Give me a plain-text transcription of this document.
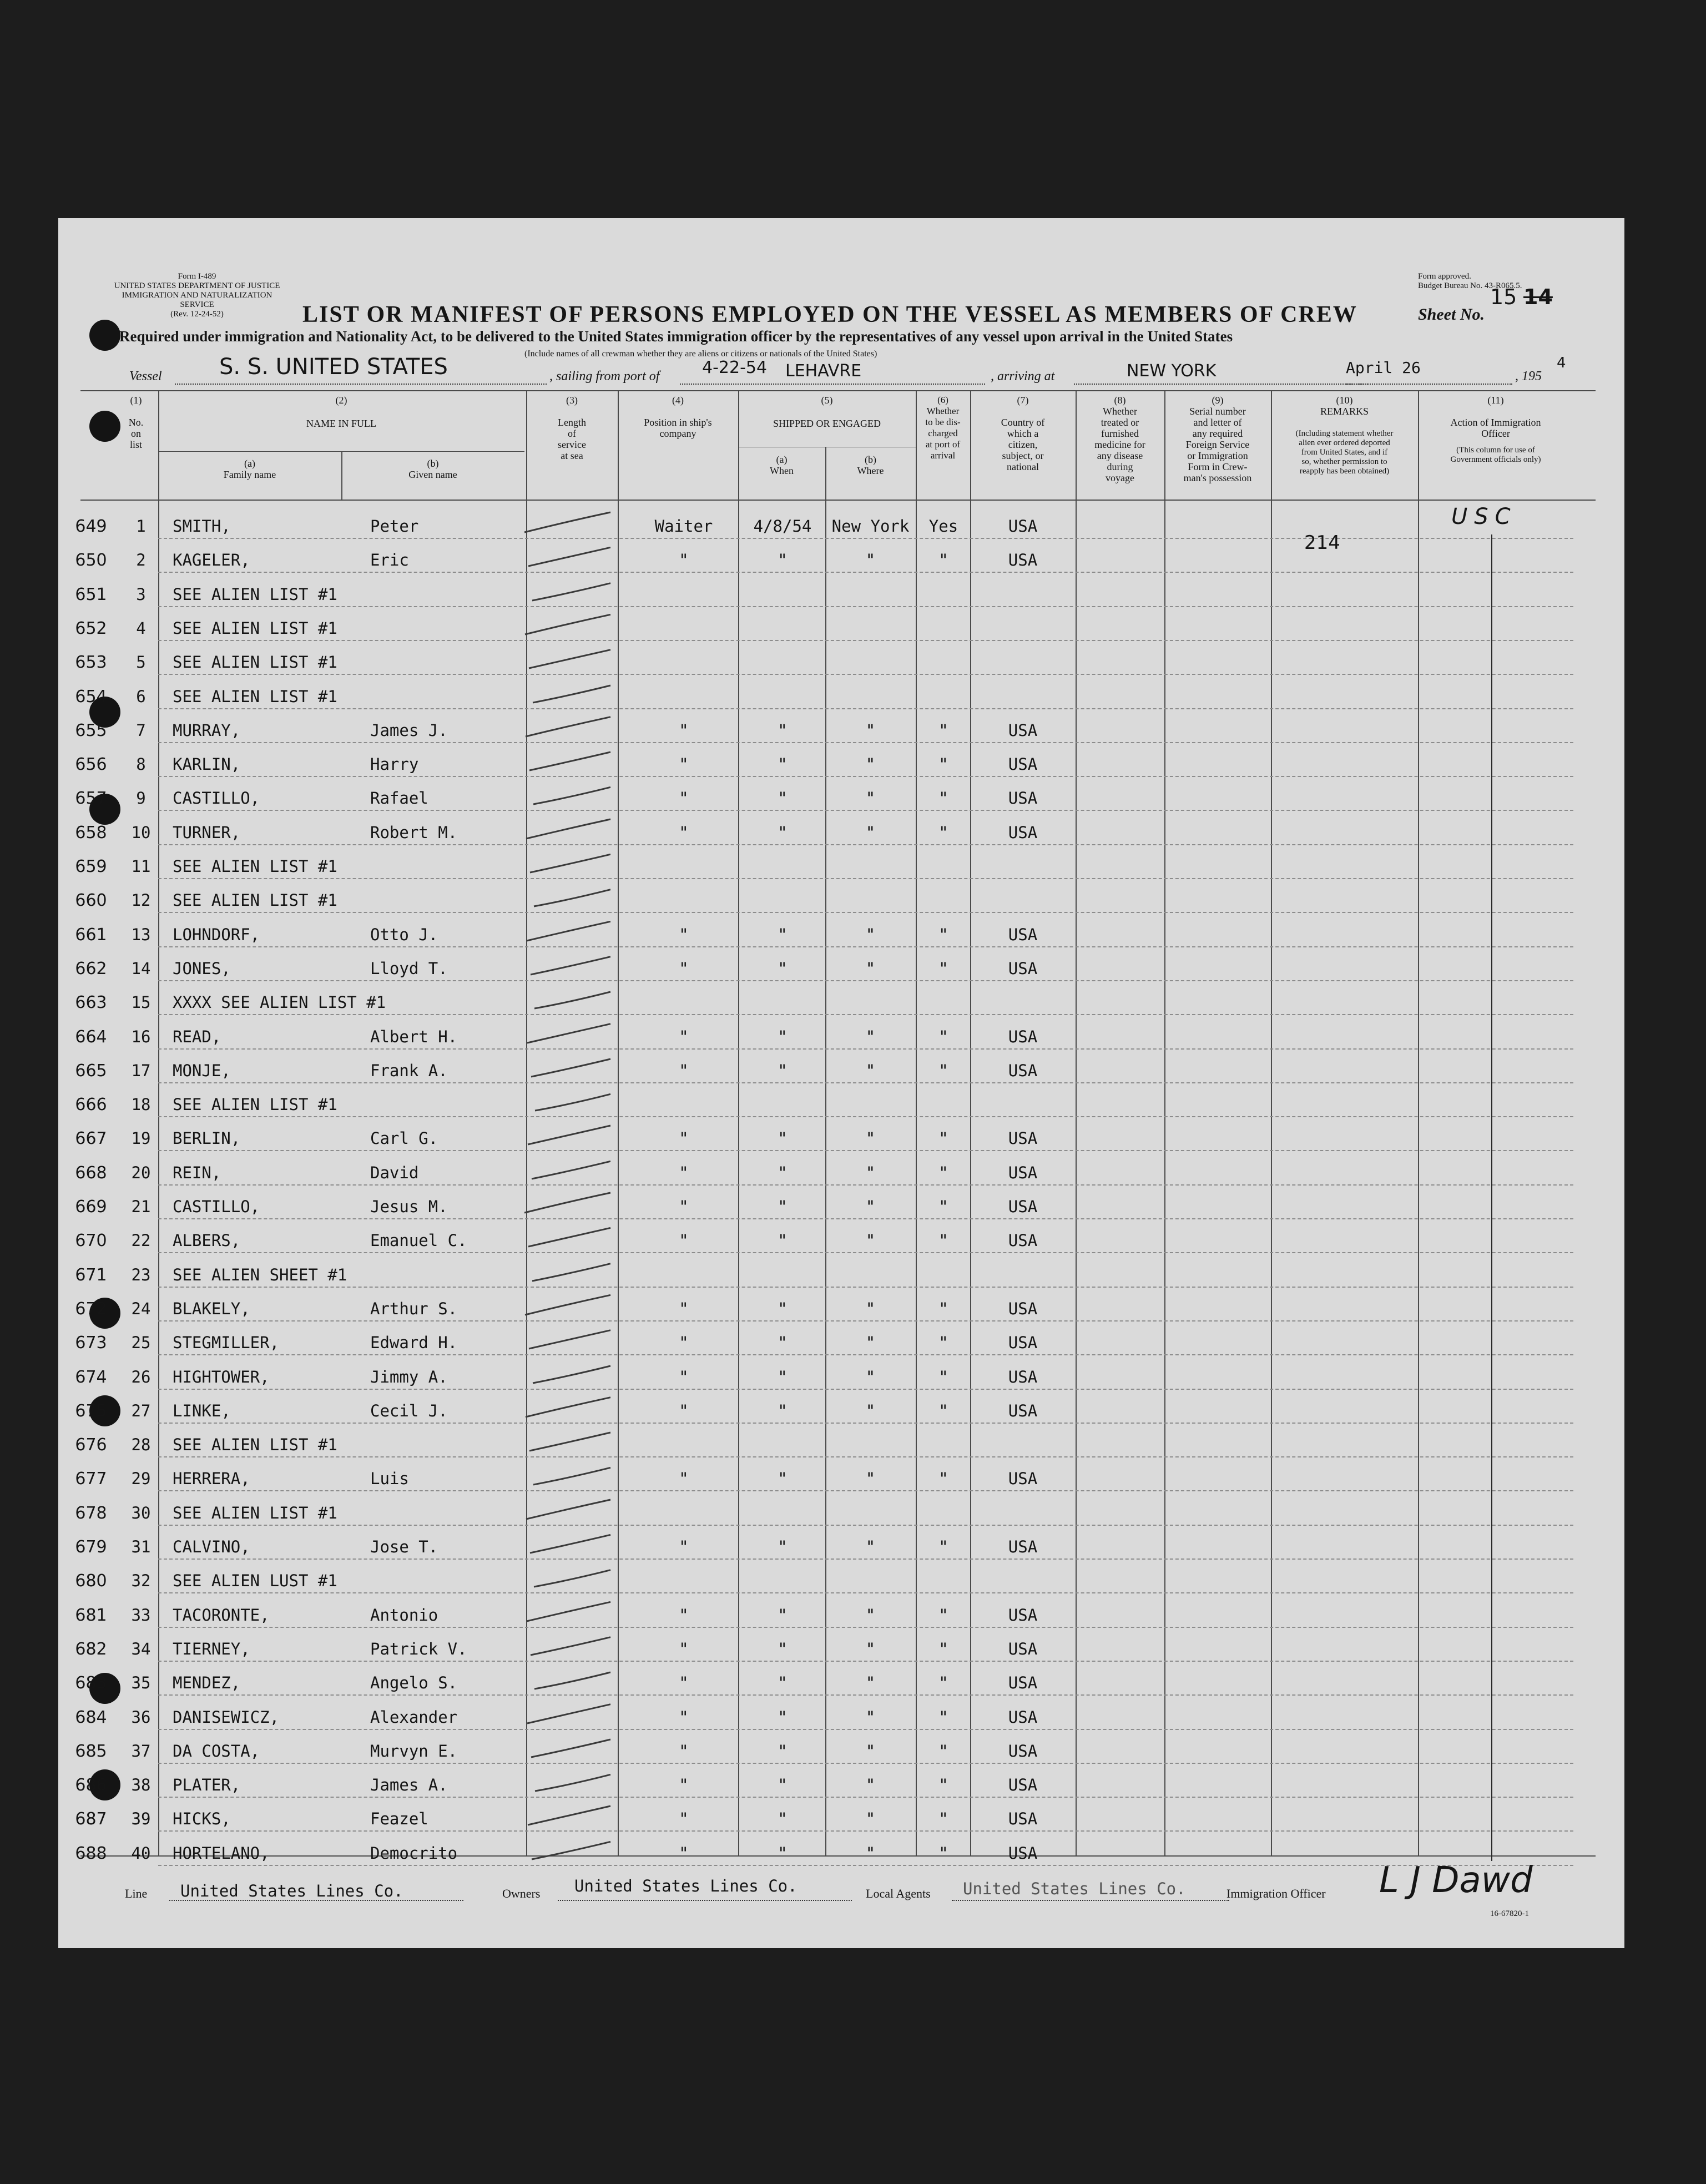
Form I-489
UNITED STATES DEPARTMENT OF JUSTICE
IMMIGRATION AND NATURALIZATION SERVICE
(Rev. 12-24-52)
Form approved.
Budget Bureau No. 43-R065.5.
Sheet No.
15 14
LIST OR MANIFEST OF PERSONS EMPLOYED ON THE VESSEL AS MEMBERS OF CREW
Required under immigration and Nationality Act, to be delivered to the United States immigration officer by the representatives of any vessel upon arrival in the United States
(Include names of all crewman whether they are aliens or citizens or nationals of the United States)
Vessel	S. S. UNITED STATES	, sailing from port of	4-22-54 LEHAVRE	, arriving at	NEW YORK	April 26	, 195
4
(1)

No.
on
list
(2)
NAME IN FULL
(a)
Family name
(b)
Given name
(3)

Length
of
service
at sea
(4)

Position in ship's
company
(5)
SHIPPED OR ENGAGED
(a)
When
(b)
Where
(6)
Whether
to be dis-
charged
at port of
arrival
(7)

Country of
which a
citizen,
subject, or
national
(8)
Whether
treated or
furnished
medicine for
any disease
during
voyage
(9)
Serial number
and letter of
any required
Foreign Service
or Immigration
Form in Crew-
man's possession
(10)
REMARKS
(Including statement whether
alien ever ordered deported
from United States, and if
so, whether permission to
reapply has been obtained)
(11)

Action of Immigration
Officer
(This column for use of
Government officials only)
649	1	SMITH,	Peter	Waiter	4/8/54	New York	Yes	USA
650	2	KAGELER,	Eric	"	"	"	"	USA
651	3	SEE ALIEN LIST #1
652	4	SEE ALIEN LIST #1
653	5	SEE ALIEN LIST #1
654	6	SEE ALIEN LIST #1
655	7	MURRAY,	James J.	"	"	"	"	USA
656	8	KARLIN,	Harry	"	"	"	"	USA
657	9	CASTILLO,	Rafael	"	"	"	"	USA
658	10	TURNER,	Robert M.	"	"	"	"	USA
659	11	SEE ALIEN LIST #1
660	12	SEE ALIEN LIST #1
661	13	LOHNDORF,	Otto J.	"	"	"	"	USA
662	14	JONES,	Lloyd T.	"	"	"	"	USA
663	15	XXXX SEE ALIEN LIST #1
664	16	READ,	Albert H.	"	"	"	"	USA
665	17	MONJE,	Frank A.	"	"	"	"	USA
666	18	SEE ALIEN LIST #1
667	19	BERLIN,	Carl G.	"	"	"	"	USA
668	20	REIN,	David	"	"	"	"	USA
669	21	CASTILLO,	Jesus M.	"	"	"	"	USA
670	22	ALBERS,	Emanuel C.	"	"	"	"	USA
671	23	SEE ALIEN SHEET #1
672	24	BLAKELY,	Arthur S.	"	"	"	"	USA
673	25	STEGMILLER,	Edward H.	"	"	"	"	USA
674	26	HIGHTOWER,	Jimmy A.	"	"	"	"	USA
675	27	LINKE,	Cecil J.	"	"	"	"	USA
676	28	SEE ALIEN LIST #1
677	29	HERRERA,	Luis	"	"	"	"	USA
678	30	SEE ALIEN LIST #1
679	31	CALVINO,	Jose T.	"	"	"	"	USA
680	32	SEE ALIEN LUST #1
681	33	TACORONTE,	Antonio	"	"	"	"	USA
682	34	TIERNEY,	Patrick V.	"	"	"	"	USA
683	35	MENDEZ,	Angelo S.	"	"	"	"	USA
684	36	DANISEWICZ,	Alexander	"	"	"	"	USA
685	37	DA COSTA,	Murvyn E.	"	"	"	"	USA
686	38	PLATER,	James A.	"	"	"	"	USA
687	39	HICKS,	Feazel	"	"	"	"	USA
688	40	HORTELANO,	Democrito	"	"	"	"	USA
214
USC
Line United States Lines Co.	Owners United States Lines Co.	Local Agents United States Lines Co.	Immigration Officer L J Dawd
16-67820-1
